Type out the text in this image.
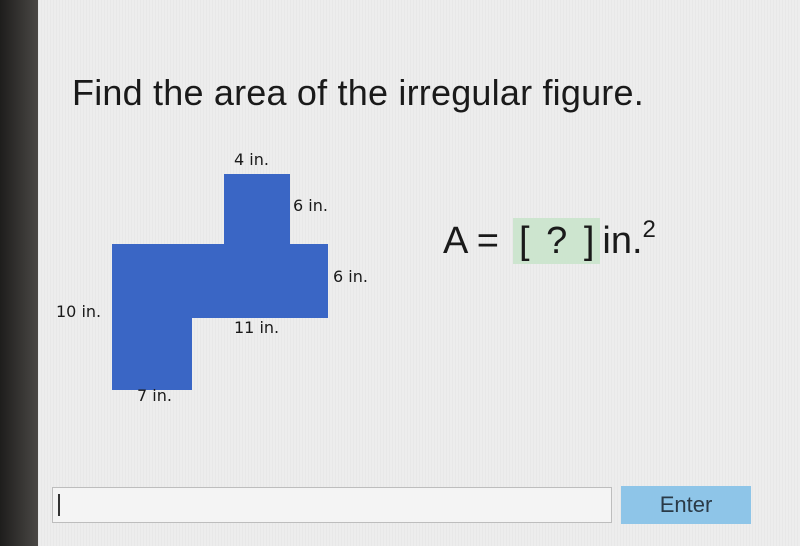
Find the area of the irregular figure.
4 in.
6 in.
6 in.
10 in.
11 in.
7 in.
A = [ ? ] in. 2
Enter
